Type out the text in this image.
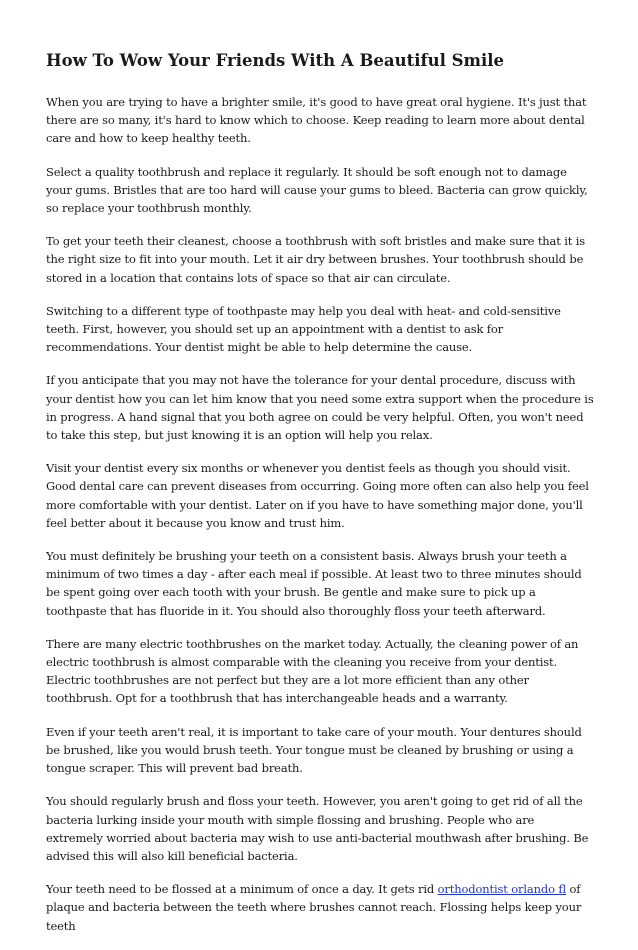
How To Wow Your Friends With A Beautiful Smile

When you are trying to have a brighter smile, it's good to have great oral hygiene. It's just that there are so many, it's hard to know which to choose. Keep reading to learn more about dental care and how to keep healthy teeth.

Select a quality toothbrush and replace it regularly. It should be soft enough not to damage your gums. Bristles that are too hard will cause your gums to bleed. Bacteria can grow quickly, so replace your toothbrush monthly.

To get your teeth their cleanest, choose a toothbrush with soft bristles and make sure that it is the right size to fit into your mouth. Let it air dry between brushes. Your toothbrush should be stored in a location that contains lots of space so that air can circulate.

Switching to a different type of toothpaste may help you deal with heat- and cold-sensitive teeth. First, however, you should set up an appointment with a dentist to ask for recommendations. Your dentist might be able to help determine the cause.

If you anticipate that you may not have the tolerance for your dental procedure, discuss with your dentist how you can let him know that you need some extra support when the procedure is in progress. A hand signal that you both agree on could be very helpful. Often, you won't need to take this step, but just knowing it is an option will help you relax.

Visit your dentist every six months or whenever you dentist feels as though you should visit. Good dental care can prevent diseases from occurring. Going more often can also help you feel more comfortable with your dentist. Later on if you have to have something major done, you'll feel better about it because you know and trust him.

You must definitely be brushing your teeth on a consistent basis. Always brush your teeth a minimum of two times a day - after each meal if possible. At least two to three minutes should be spent going over each tooth with your brush. Be gentle and make sure to pick up a toothpaste that has fluoride in it. You should also thoroughly floss your teeth afterward.

There are many electric toothbrushes on the market today. Actually, the cleaning power of an electric toothbrush is almost comparable with the cleaning you receive from your dentist. Electric toothbrushes are not perfect but they are a lot more efficient than any other toothbrush. Opt for a toothbrush that has interchangeable heads and a warranty.

Even if your teeth aren't real, it is important to take care of your mouth. Your dentures should be brushed, like you would brush teeth. Your tongue must be cleaned by brushing or using a tongue scraper. This will prevent bad breath.

You should regularly brush and floss your teeth. However, you aren't going to get rid of all the bacteria lurking inside your mouth with simple flossing and brushing. People who are extremely worried about bacteria may wish to use anti-bacterial mouthwash after brushing. Be advised this will also kill beneficial bacteria.

Your teeth need to be flossed at a minimum of once a day. It gets rid orthodontist orlando fl of plaque and bacteria between the teeth where brushes cannot reach. Flossing helps keep your teeth
